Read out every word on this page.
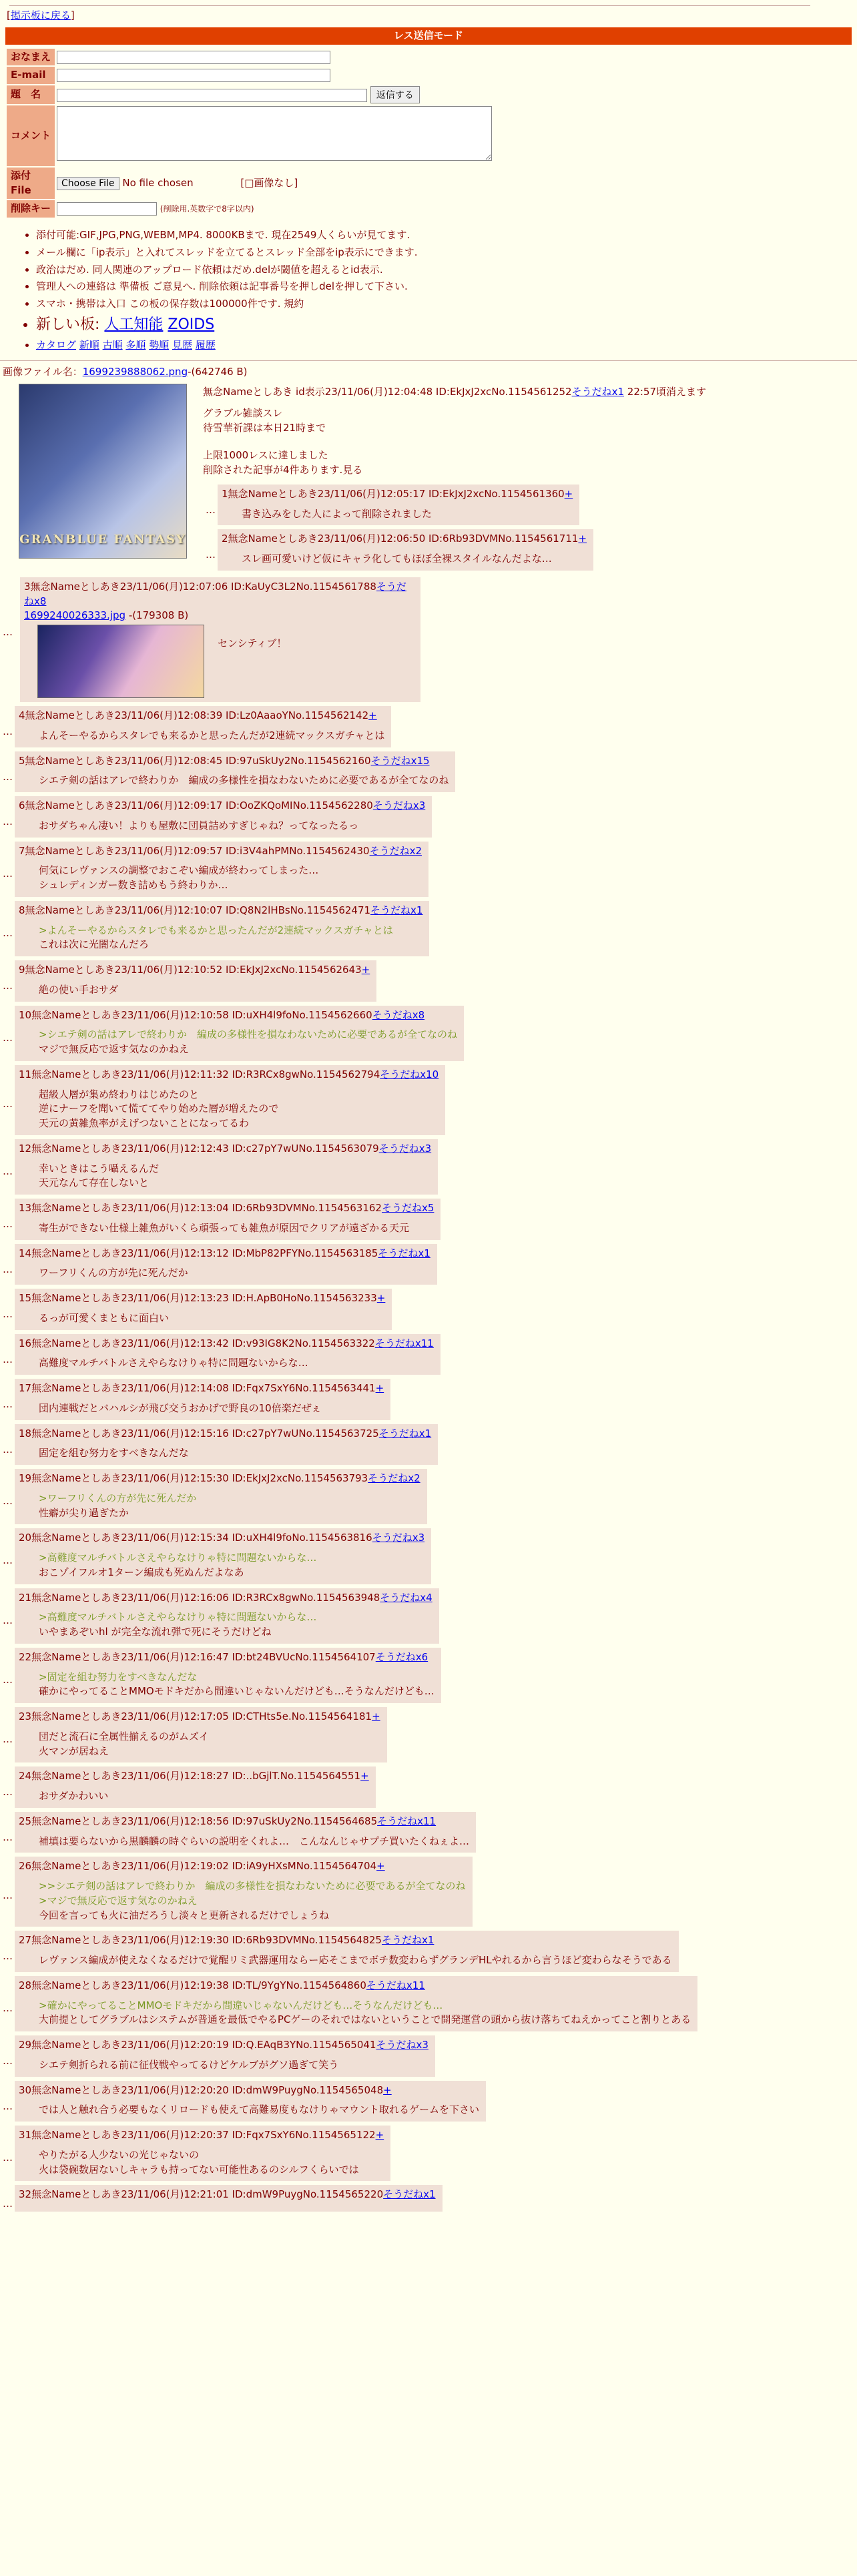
[掲示板に戻る]
レス送信モード
おなまえ	
E-mail	
題　名	返信する
コメント	
添付File	Choose File No file chosen [□画像なし]
削除キー	(削除用.英数字で8字以内)
• 添付可能:GIF,JPG,PNG,WEBM,MP4. 8000KBまで. 現在2549人くらいが見てます.
• メール欄に「ip表示」と入れてスレッドを立てるとスレッド全部をip表示にできます.
• 政治はだめ. 同人関連のアップロード依頼はだめ.delが閾値を超えるとid表示.
• 管理人への連絡は 準備板 ご意見へ. 削除依頼は記事番号を押しdelを押して下さい.
• スマホ・携帯は入口 この板の保存数は100000件です. 規約
• 新しい板: 人工知能 ZOIDS
• カタログ 新順 古順 多順 勢順 見歴 履歴
画像ファイル名：1699239888062.png-(642746 B)
GRANBLUE FANTASY
無念Nameとしあき id表示23/11/06(月)12:04:48 ID:EkJxJ2xcNo.1154561252そうだねx1 22:57頃消えます
グラブル雑談スレ
待雪華祈課は本日21時まで
上限1000レスに達しました
削除された記事が4件あります.見る
1無念Nameとしあき23/11/06(月)12:05:17 ID:EkJxJ2xcNo.1154561360+
書き込みをした人によって削除されました
…
2無念Nameとしあき23/11/06(月)12:06:50 ID:6Rb93DVMNo.1154561711+
スレ画可愛いけど仮にキャラ化してもほぼ全裸スタイルなんだよな…
…
3無念Nameとしあき23/11/06(月)12:07:06 ID:KaUyC3L2No.1154561788そうだねx8
1699240026333.jpg -(179308 B)
センシティブ！
…
4無念Nameとしあき23/11/06(月)12:08:39 ID:Lz0AaaoYNo.1154562142+
よんそーやるからスタレでも来るかと思ったんだが2連続マックスガチャとは
…
5無念Nameとしあき23/11/06(月)12:08:45 ID:97uSkUy2No.1154562160そうだねx15
シエテ剣の話はアレで終わりか　編成の多様性を損なわないために必要であるが全てなのね
…
6無念Nameとしあき23/11/06(月)12:09:17 ID:OoZKQoMINo.1154562280そうだねx3
おサダちゃん凄い！よりも屋敷に団員詰めすぎじゃね？ってなったるっ
…
7無念Nameとしあき23/11/06(月)12:09:57 ID:i3V4ahPMNo.1154562430そうだねx2
何気にレヴァンスの調整でおこぞい編成が終わってしまった…
シュレディンガー数き詰めもう終わりか…
…
8無念Nameとしあき23/11/06(月)12:10:07 ID:Q8N2lHBsNo.1154562471そうだねx1
>よんそーやるからスタレでも来るかと思ったんだが2連続マックスガチャとは
これは次に光闇なんだろ
…
9無念Nameとしあき23/11/06(月)12:10:52 ID:EkJxJ2xcNo.1154562643+
絶の使い手おサダ
…
10無念Nameとしあき23/11/06(月)12:10:58 ID:uXH4l9foNo.1154562660そうだねx8
>シエテ剣の話はアレで終わりか　編成の多様性を損なわないために必要であるが全てなのね
マジで無反応で返す気なのかねえ
…
11無念Nameとしあき23/11/06(月)12:11:32 ID:R3RCx8gwNo.1154562794そうだねx10
超級人層が集め終わりはじめたのと
逆にナーフを聞いて慌ててやり始めた層が増えたので
天元の黄雑魚率がえげつないことになってるわ
…
12無念Nameとしあき23/11/06(月)12:12:43 ID:c27pY7wUNo.1154563079そうだねx3
幸いときはこう囁えるんだ
天元なんて存在しないと
…
13無念Nameとしあき23/11/06(月)12:13:04 ID:6Rb93DVMNo.1154563162そうだねx5
寄生ができない仕様上雑魚がいくら頑張っても雑魚が原因でクリアが遠ざかる天元
…
14無念Nameとしあき23/11/06(月)12:13:12 ID:MbP82PFYNo.1154563185そうだねx1
ワーフリくんの方が先に死んだか
…
15無念Nameとしあき23/11/06(月)12:13:23 ID:H.ApB0HoNo.1154563233+
るっが可愛くまともに面白い
…
16無念Nameとしあき23/11/06(月)12:13:42 ID:v93IG8K2No.1154563322そうだねx11
高難度マルチバトルさえやらなけりゃ特に問題ないからな…
…
17無念Nameとしあき23/11/06(月)12:14:08 ID:Fqx7SxY6No.1154563441+
団内連戦だとバハルシが飛び交うおかげで野良の10倍楽だぜぇ
…
18無念Nameとしあき23/11/06(月)12:15:16 ID:c27pY7wUNo.1154563725そうだねx1
固定を組む努力をすべきなんだな
…
19無念Nameとしあき23/11/06(月)12:15:30 ID:EkJxJ2xcNo.1154563793そうだねx2
>ワーフリくんの方が先に死んだか
性癖が尖り過ぎたか
…
20無念Nameとしあき23/11/06(月)12:15:34 ID:uXH4l9foNo.1154563816そうだねx3
>高難度マルチバトルさえやらなけりゃ特に問題ないからな…
おこゾイフルオ1ターン編成も死ぬんだよなあ
…
21無念Nameとしあき23/11/06(月)12:16:06 ID:R3RCx8gwNo.1154563948そうだねx4
>高難度マルチバトルさえやらなけりゃ特に問題ないからな…
いやまあぞいhl が完全な流れ弾で死にそうだけどね
…
22無念Nameとしあき23/11/06(月)12:16:47 ID:bt24BVUcNo.1154564107そうだねx6
>固定を組む努力をすべきなんだな
確かにやってることMMOモドキだから間違いじゃないんだけども…そうなんだけども…
…
23無念Nameとしあき23/11/06(月)12:17:05 ID:CTHts5e.No.1154564181+
団だと流石に全属性揃えるのがムズイ
火マンが居ねえ
…
24無念Nameとしあき23/11/06(月)12:18:27 ID:..bGjlT.No.1154564551+
おサダかわいい
…
25無念Nameとしあき23/11/06(月)12:18:56 ID:97uSkUy2No.1154564685そうだねx11
補填は要らないから黒麟麟の時ぐらいの説明をくれよ…　こんなんじゃサプチ買いたくねぇよ…
…
26無念Nameとしあき23/11/06(月)12:19:02 ID:iA9yHXsMNo.1154564704+
>>シエテ剣の話はアレで終わりか　編成の多様性を損なわないために必要であるが全てなのね
>マジで無反応で返す気なのかねえ
今回を言っても火に油だろうし淡々と更新されるだけでしょうね
…
27無念Nameとしあき23/11/06(月)12:19:30 ID:6Rb93DVMNo.1154564825そうだねx1
レヴァンス編成が使えなくなるだけで覚醒リミ武器運用ならー応そこまでボチ数変わらずグランデHLやれるから言うほど変わらなそうである
…
28無念Nameとしあき23/11/06(月)12:19:38 ID:TL/9YgYNo.1154564860そうだねx11
>確かにやってることMMOモドキだから間違いじゃないんだけども…そうなんだけども…
大前提としてグラブルはシステムが普通を最低でやるPCゲーのそれではないということで開発運営の頭から抜け落ちてねえかってこと割りとある
…
29無念Nameとしあき23/11/06(月)12:20:19 ID:Q.EAqB3YNo.1154565041そうだねx3
シエテ剣折られる前に征伐戦やってるけどケルブがグソ過ぎて笑う
…
30無念Nameとしあき23/11/06(月)12:20:20 ID:dmW9PuygNo.1154565048+
では人と触れ合う必要もなくリロードも使えて高難易度もなけりゃマウント取れるゲームを下さい
…
31無念Nameとしあき23/11/06(月)12:20:37 ID:Fqx7SxY6No.1154565122+
やりたがる人少ないの光じゃないの
火は袋碗数居ないしキャラも持ってない可能性あるのシルフくらいでは
…
32無念Nameとしあき23/11/06(月)12:21:01 ID:dmW9PuygNo.1154565220そうだねx1
…
